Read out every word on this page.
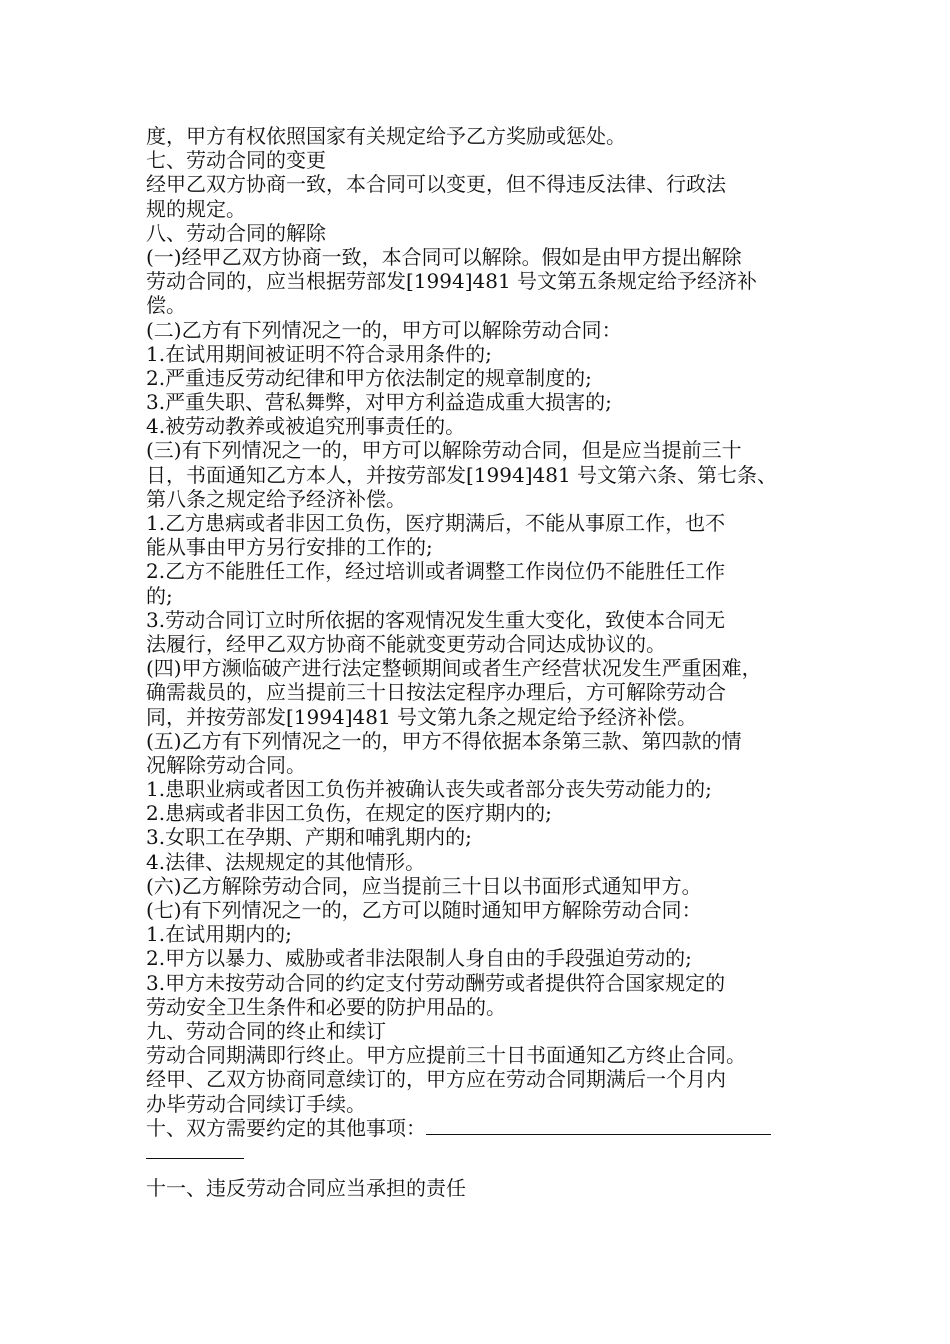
度，甲方有权依照国家有关规定给予乙方奖励或惩处。
七、劳动合同的变更
经甲乙双方协商一致，本合同可以变更，但不得违反法律、行政法
规的规定。
八、劳动合同的解除
(一)经甲乙双方协商一致，本合同可以解除。假如是由甲方提出解除
劳动合同的，应当根据劳部发[1994]481 号文第五条规定给予经济补
偿。
(二)乙方有下列情况之一的，甲方可以解除劳动合同：
1.在试用期间被证明不符合录用条件的;
2.严重违反劳动纪律和甲方依法制定的规章制度的;
3.严重失职、营私舞弊，对甲方利益造成重大损害的;
4.被劳动教养或被追究刑事责任的。
(三)有下列情况之一的，甲方可以解除劳动合同，但是应当提前三十
日，书面通知乙方本人，并按劳部发[1994]481 号文第六条、第七条、
第八条之规定给予经济补偿。
1.乙方患病或者非因工负伤，医疗期满后，不能从事原工作，也不
能从事由甲方另行安排的工作的;
2.乙方不能胜任工作，经过培训或者调整工作岗位仍不能胜任工作
的;
3.劳动合同订立时所依据的客观情况发生重大变化，致使本合同无
法履行，经甲乙双方协商不能就变更劳动合同达成协议的。
(四)甲方濒临破产进行法定整顿期间或者生产经营状况发生严重困难，
确需裁员的，应当提前三十日按法定程序办理后，方可解除劳动合
同，并按劳部发[1994]481 号文第九条之规定给予经济补偿。
(五)乙方有下列情况之一的，甲方不得依据本条第三款、第四款的情
况解除劳动合同。
1.患职业病或者因工负伤并被确认丧失或者部分丧失劳动能力的;
2.患病或者非因工负伤，在规定的医疗期内的;
3.女职工在孕期、产期和哺乳期内的;
4.法律、法规规定的其他情形。
(六)乙方解除劳动合同，应当提前三十日以书面形式通知甲方。
(七)有下列情况之一的，乙方可以随时通知甲方解除劳动合同：
1.在试用期内的;
2.甲方以暴力、威胁或者非法限制人身自由的手段强迫劳动的;
3.甲方未按劳动合同的约定支付劳动酬劳或者提供符合国家规定的
劳动安全卫生条件和必要的防护用品的。
九、劳动合同的终止和续订
劳动合同期满即行终止。甲方应提前三十日书面通知乙方终止合同。
经甲、乙双方协商同意续订的，甲方应在劳动合同期满后一个月内
办毕劳动合同续订手续。
十、双方需要约定的其他事项：
十一、违反劳动合同应当承担的责任
